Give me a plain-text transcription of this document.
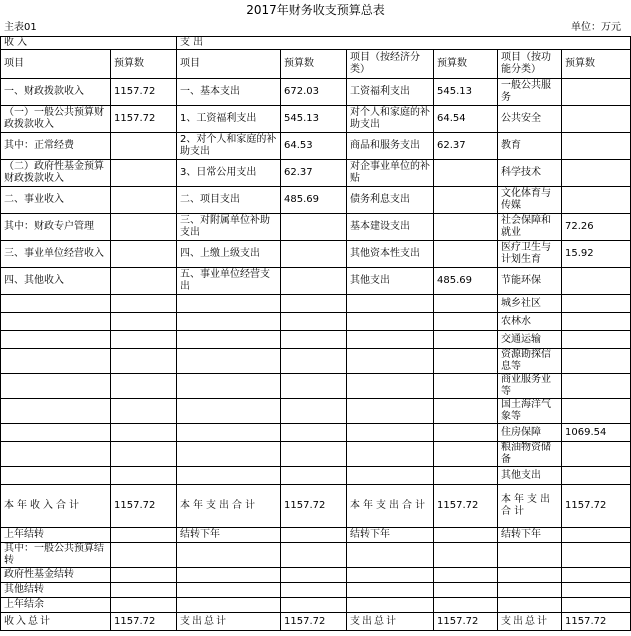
2017年财务收支预算总表
主表01	单位：万元
收 入		支 出					
项目	预算数	项目	预算数	项目（按经济分类）	预算数	项目（按功能分类）	预算数
一、财政拨款收入	1157.72	一、基本支出	672.03	工资福利支出	545.13	一般公共服务	
（一）一般公共预算财政拨款收入	1157.72	1、工资福利支出	545.13	对个人和家庭的补助支出	64.54	公共安全	
其中：正常经费		2、对个人和家庭的补助支出	64.53	商品和服务支出	62.37	教育	
（二）政府性基金预算财政拨款收入		3、日常公用支出	62.37	对企事业单位的补贴		科学技术	
二、事业收入		二、项目支出	485.69	债务利息支出		文化体育与传媒	
其中：财政专户管理		三、对附属单位补助支出		基本建设支出		社会保障和就业	72.26
三、事业单位经营收入		四、上缴上级支出		其他资本性支出		医疗卫生与计划生育	15.92
四、其他收入		五、事业单位经营支出		其他支出	485.69	节能环保	
						城乡社区	
						农林水	
						交通运输	
						资源勘探信息等	
						商业服务业等	
						国土海洋气象等	
						住房保障	1069.54
						粮油物资储备	
						其他支出	
本年收入合计	1157.72	本年支出合计	1157.72	本年支出合计	1157.72	本年支出合计	1157.72
上年结转		结转下年		结转下年		结转下年	
其中：一般公共预算结转							
政府性基金结转							
其他结转							
上年结余							
收入总计	1157.72	支出总计	1157.72	支出总计	1157.72	支出总计	1157.72
